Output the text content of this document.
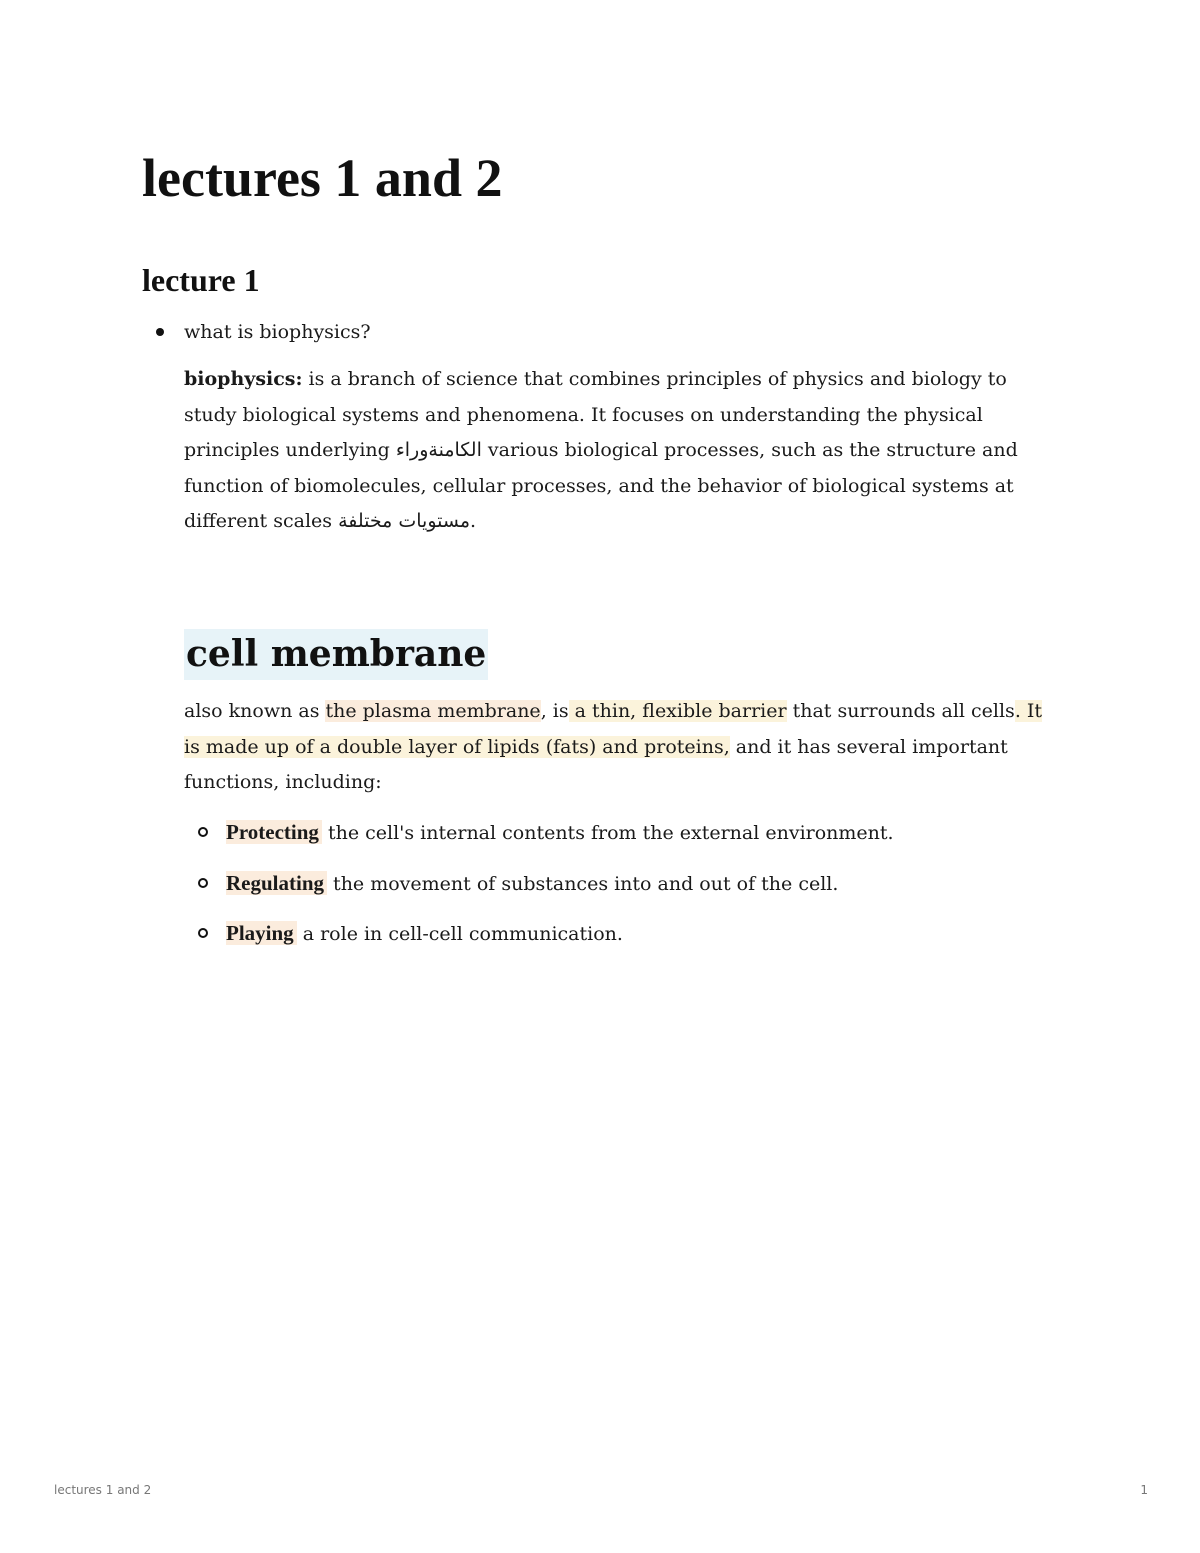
lectures 1 and 2
lecture 1
what is biophysics?

biophysics: is a branch of science that combines principles of physics and biology to study biological systems and phenomena. It focuses on understanding the physical principles underlying الكامنةوراء various biological processes, such as the structure and function of biomolecules, cellular processes, and the behavior of biological systems at different scales مستويات مختلفة.

cell membrane

also known as the plasma membrane, is a thin, flexible barrier that surrounds all cells. It is made up of a double layer of lipids (fats) and proteins, and it has several important functions, including:

Protecting the cell's internal contents from the external environment.
Regulating the movement of substances into and out of the cell.
Playing a role in cell-cell communication.
lectures 1 and 2	1
